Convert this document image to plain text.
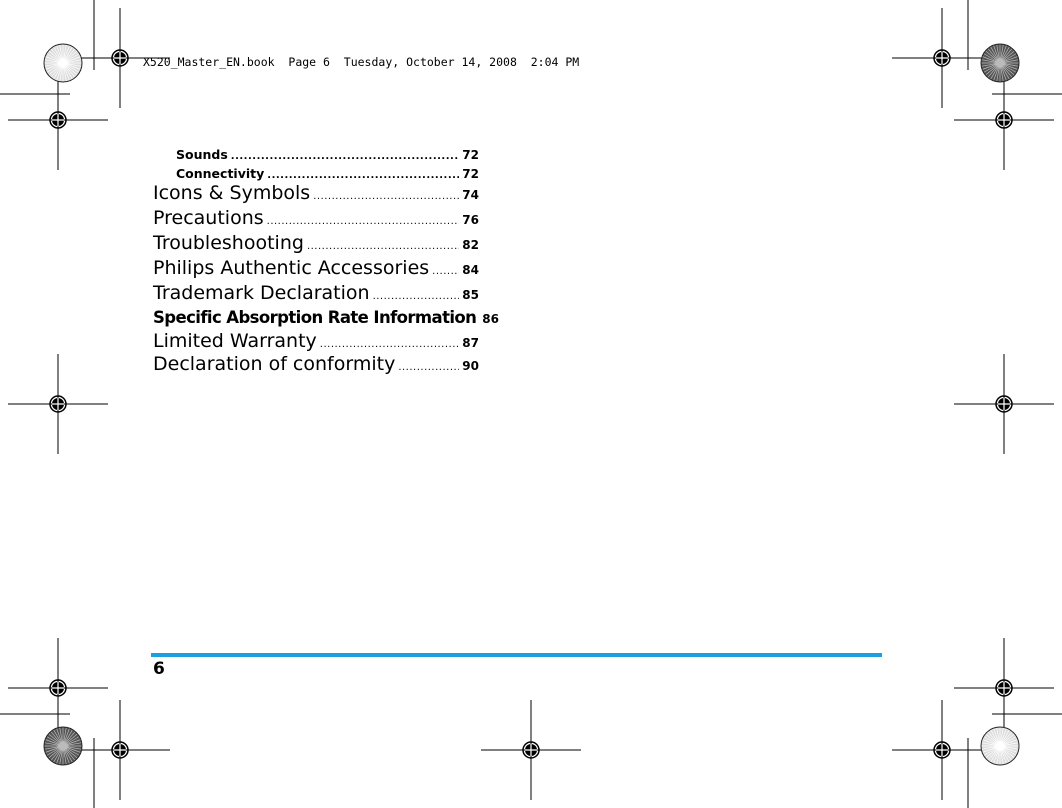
X520_Master_EN.book  Page 6  Tuesday, October 14, 2008  2:04 PM
Sounds .....	72
Connectivity .....	72
Icons & Symbols .....	74
Precautions .....	76
Troubleshooting .....	82
Philips Authentic Accessories .....	84
Trademark Declaration .....	85
Specific Absorption Rate Information 86
Limited Warranty .....	87
Declaration of conformity .....	90
6
